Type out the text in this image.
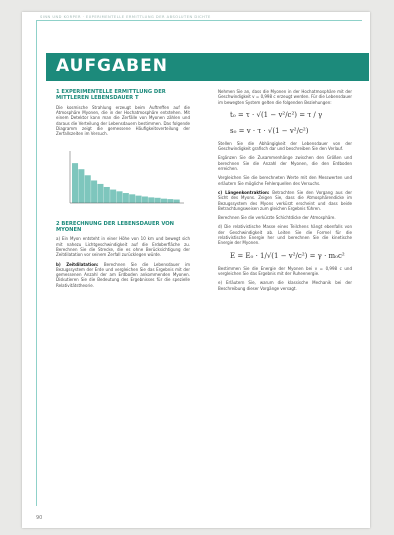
SINN UND KÖRPER · EXPERIMENTELLE ERMITTLUNG DER ABSOLUTEN DICHTE
AUFGABEN

1 EXPERIMENTELLE ERMITTLUNG DER MITTLEREN LEBENSDAUER Τ

Die kosmische Strahlung erzeugt beim Auftreffen auf die Atmosphäre Myonen, die in der Hochatmosphäre entstehen. Mit einem Detektor kann man die Zerfälle von Myonen zählen und daraus die Verteilung der Lebensdauern bestimmen. Das folgende Diagramm zeigt die gemessene Häufigkeitsverteilung der Zerfallszeiten im Versuch.

2 BERECHNUNG DER LEBENSDAUER VON MYONEN

a) Ein Myon entsteht in einer Höhe von 10 km und bewegt sich mit nahezu Lichtgeschwindigkeit auf die Erdoberfläche zu. Berechnen Sie die Strecke, die es ohne Berücksichtigung der Zeitdilatation vor seinem Zerfall zurücklegen würde.

b) Zeitdilatation: Berechnen Sie die Lebensdauer im Bezugssystem der Erde und vergleichen Sie das Ergebnis mit der gemessenen Anzahl der am Erdboden ankommenden Myonen. Diskutieren Sie die Bedeutung des Ergebnisses für die spezielle Relativitätstheorie.

Nehmen Sie an, dass die Myonen in der Hochatmosphäre mit der Geschwindigkeit v = 0,998 c erzeugt werden. Für die Lebensdauer im bewegten System gelten die folgenden Beziehungen:

t₀ = τ · √(1 − v²/c²) = τ / γ
s₀ = v · τ · √(1 − v²/c²)

Stellen Sie die Abhängigkeit der Lebensdauer von der Geschwindigkeit grafisch dar und beschreiben Sie den Verlauf.

Ergänzen Sie die Zusammenhänge zwischen den Größen und berechnen Sie die Anzahl der Myonen, die den Erdboden erreichen.

Vergleichen Sie die berechneten Werte mit den Messwerten und erläutern Sie mögliche Fehlerquellen des Versuchs.

c) Längenkontraktion: Betrachten Sie den Vorgang aus der Sicht des Myons. Zeigen Sie, dass die Atmosphärendicke im Bezugssystem des Myons verkürzt erscheint und dass beide Betrachtungsweisen zum gleichen Ergebnis führen.

Berechnen Sie die verkürzte Schichtdicke der Atmosphäre.

d) Die relativistische Masse eines Teilchens hängt ebenfalls von der Geschwindigkeit ab. Leiten Sie die Formel für die relativistische Energie her und berechnen Sie die kinetische Energie der Myonen.

E = E₀ · 1/√(1 − v²/c²) = γ · m₀c²

Bestimmen Sie die Energie der Myonen bei v = 0,998 c und vergleichen Sie das Ergebnis mit der Ruheenergie.

e) Erläutern Sie, warum die klassische Mechanik bei der Beschreibung dieser Vorgänge versagt.

90
